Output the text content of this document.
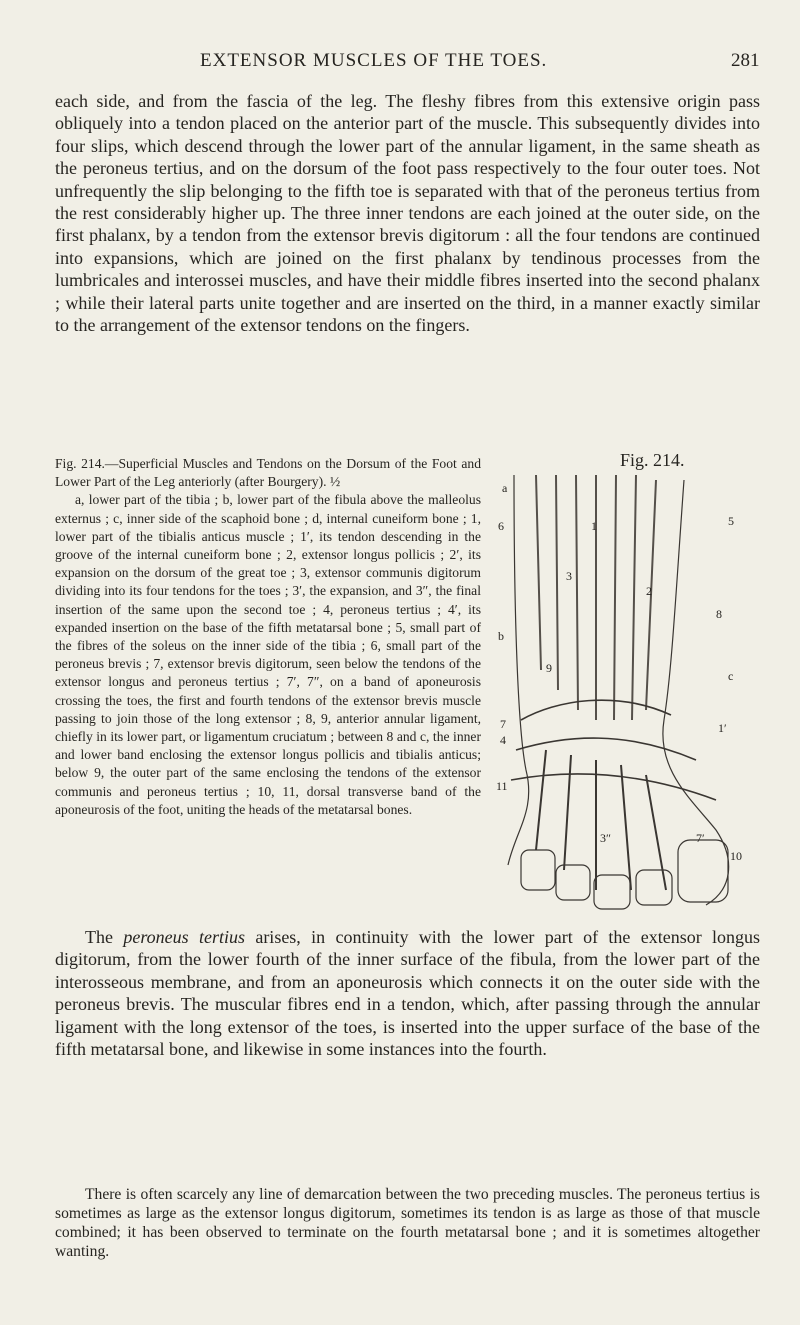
EXTENSOR MUSCLES OF THE TOES.	281

each side, and from the fascia of the leg. The fleshy fibres from this extensive origin pass obliquely into a tendon placed on the anterior part of the muscle. This subsequently divides into four slips, which descend through the lower part of the annular ligament, in the same sheath as the peroneus tertius, and on the dorsum of the foot pass respectively to the four outer toes. Not unfrequently the slip belonging to the fifth toe is separated with that of the peroneus tertius from the rest considerably higher up. The three inner tendons are each joined at the outer side, on the first phalanx, by a tendon from the extensor brevis digitorum : all the four tendons are continued into expansions, which are joined on the first phalanx by tendinous processes from the lumbricales and interossei muscles, and have their middle fibres inserted into the second phalanx ; while their lateral parts unite together and are inserted on the third, in a manner exactly similar to the arrangement of the extensor tendons on the fingers.

Fig. 214.—Superficial Muscles and Tendons on the Dorsum of the Foot and Lower Part of the Leg anteriorly (after Bourgery). ½
a, lower part of the tibia ; b, lower part of the fibula above the malleolus externus ; c, inner side of the scaphoid bone ; d, internal cuneiform bone ; 1, lower part of the tibialis anticus muscle ; 1′, its tendon descending in the groove of the internal cuneiform bone ; 2, extensor longus pollicis ; 2′, its expansion on the dorsum of the great toe ; 3, extensor communis digitorum dividing into its four tendons for the toes ; 3′, the expansion, and 3″, the final insertion of the same upon the second toe ; 4, peroneus tertius ; 4′, its expanded insertion on the base of the fifth metatarsal bone ; 5, small part of the fibres of the soleus on the inner side of the tibia ; 6, small part of the peroneus brevis ; 7, extensor brevis digitorum, seen below the tendons of the extensor longus and peroneus tertius ; 7′, 7″, on a band of aponeurosis crossing the toes, the first and fourth tendons of the extensor brevis muscle passing to join those of the long extensor ; 8, 9, anterior annular ligament, chiefly in its lower part, or ligamentum cruciatum ; between 8 and c, the inner and lower band enclosing the extensor longus pollicis and tibialis anticus; below 9, the outer part of the same enclosing the tendons of the extensor communis and peroneus tertius ; 10, 11, dorsal transverse band of the aponeurosis of the foot, uniting the heads of the metatarsal bones.
Fig. 214.
a
6	1	5
3
2
b
8
9
c
7
4
1′
11
7′
10
3″

The peroneus tertius arises, in continuity with the lower part of the extensor longus digitorum, from the lower fourth of the inner surface of the fibula, from the lower part of the interosseous membrane, and from an aponeurosis which connects it on the outer side with the peroneus brevis. The muscular fibres end in a tendon, which, after passing through the annular ligament with the long extensor of the toes, is inserted into the upper surface of the base of the fifth metatarsal bone, and likewise in some instances into the fourth.

There is often scarcely any line of demarcation between the two preceding muscles. The peroneus tertius is sometimes as large as the extensor longus digitorum, sometimes its tendon is as large as those of that muscle combined; it has been observed to terminate on the fourth metatarsal bone ; and it is sometimes altogether wanting.
